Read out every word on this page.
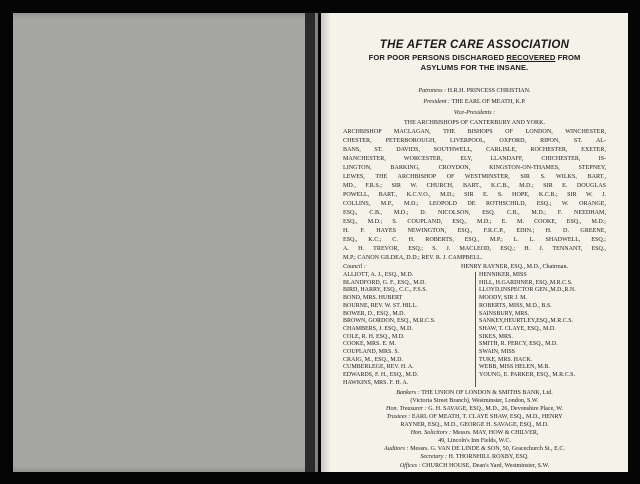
THE AFTER CARE ASSOCIATION
FOR POOR PERSONS DISCHARGED RECOVERED FROM
ASYLUMS FOR THE INSANE.
Patroness : H.R.H. PRINCESS CHRISTIAN.
President : THE EARL OF MEATH, K.P.
Vice-Presidents :
THE ARCHBISHOPS OF CANTERBURY AND YORK.
ARCHBISHOP MACLAGAN, THE BISHOPS OF LONDON, WINCHESTER,
CHESTER, PETERBOROUGH, LIVERPOOL, OXFORD, RIPON, ST. AL-
BANS, ST. DAVIDS, SOUTHWELL, CARLISLE, ROCHESTER, EXETER,
MANCHESTER, WORCESTER, ELY, LLANDAFF, CHICHESTER, IS-
LINGTON, BARKING, CROYDON, KINGSTON-ON-THAMES, STEPNEY,
LEWES, THE ARCHBISHOP OF WESTMINSTER, SIR S. WILKS, BART.,
MD., F.R.S.; SIR W. CHURCH, BART., K.C.B., M.D.; SIR E. DOUGLAS
POWELL, BART., K.C.V.O., M.D.; SIR E. S. HOPE, K.C.B.; SIR W. J.
COLLINS, M.P., M.D.; LEOPOLD DE ROTHSCHILD, ESQ.; W. ORANGE,
ESQ., C.B., M.D.; D. NICOLSON, ESQ. C.B., M.D.; F. NEEDHAM,
ESQ., M.D.; S. COUPLAND, ESQ., M.D.; E. M. COOKE, ESQ., M.D.;
H. F. HAYES NEWINGTON, ESQ., F.R.C.P., EDIN.; H. D. GREENE,
ESQ., K.C.; C. H. ROBERTS, ESQ., M.P.; L. L. SHADWELL, ESQ.;
A. H. TREVOR, ESQ.; S. J. MACLEOD, ESQ.; H. J. TENNANT, ESQ.,
M.P.; CANON GILDEA, D.D.; REV. R. J. CAMPBELL.
Council :	HENRY RAYNER, ESQ., M.D., Chairman.
ALLIOTT, A. J., ESQ., M.D.
BLANDFORD, G. F., ESQ., M.D.
BIRD, HARRY, ESQ., C.C., F.S.S.
BOND, MRS. HUBERT
BOURNE, REV. W. ST. HILL.
BOWER, D., ESQ., M.D.
BROWN, GORDON, ESQ., M.R.C.S.
CHAMBERS, J. ESQ., M.D.
COLE, R. H. ESQ., M.D.
COOKE, MRS. E. M.
COUPLAND, MRS. S.
CRAIG, M., ESQ., M.D.
CUMBERLEGE, REV. H. A.
EDWARDS, F. H., ESQ., M.D.
HAWKINS, MRS. F. H. A.
HENNIKER, MISS
HILL, H.GARDINER, ESQ.,M.R.C.S.
LLOYD,INSPECTOR GEN.,M.D.,R.N.
MOODY, SIR J. M.
ROBERTS, MISS, M.D., B.S.
SAINSBURY, MRS.
SANKEY,HEURTLEY,ESQ.,M.R.C.S.
SHAW, T. CLAYE, ESQ., M.D.
SIKES, MRS.
SMITH, R. PERCY, ESQ., M.D.
SWAIN, MISS
TUKE, MRS. HACK.
WEBB, MISS HELEN, M.B.
YOUNG, E. PARKER, ESQ., M.R.C.S.
Bankers : THE UNION OF LONDON & SMITHS BANK, Ltd.
(Victoria Street Branch), Westminster, London, S.W.
Hon. Treasurer : G. H. SAVAGE, ESQ., M.D., 26, Devonshire Place, W.
Trustees : EARL OF MEATH, T. CLAYE SHAW, ESQ., M.D., HENRY
RAYNER, ESQ., M.D., GEORGE H. SAVAGE, ESQ., M.D.
Hon. Solicitors : Messrs. MAY, HOW & CHILVER,
49, Lincoln's Inn Fields, W.C.
Auditors : Messrs. G. VAN DE LINDE & SON, 50, Gracechurch St., E.C.
Secretary : H. THORNHILL ROXBY, ESQ.
Offices : CHURCH HOUSE, Dean's Yard, Westminster, S.W.
